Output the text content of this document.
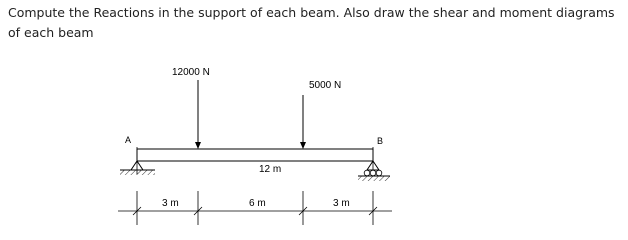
Compute the Reactions in the support of each beam. Also draw the shear and moment diagrams of each beam
12000 N
5000 N
A	B
12 m
3 m	6 m	3 m
